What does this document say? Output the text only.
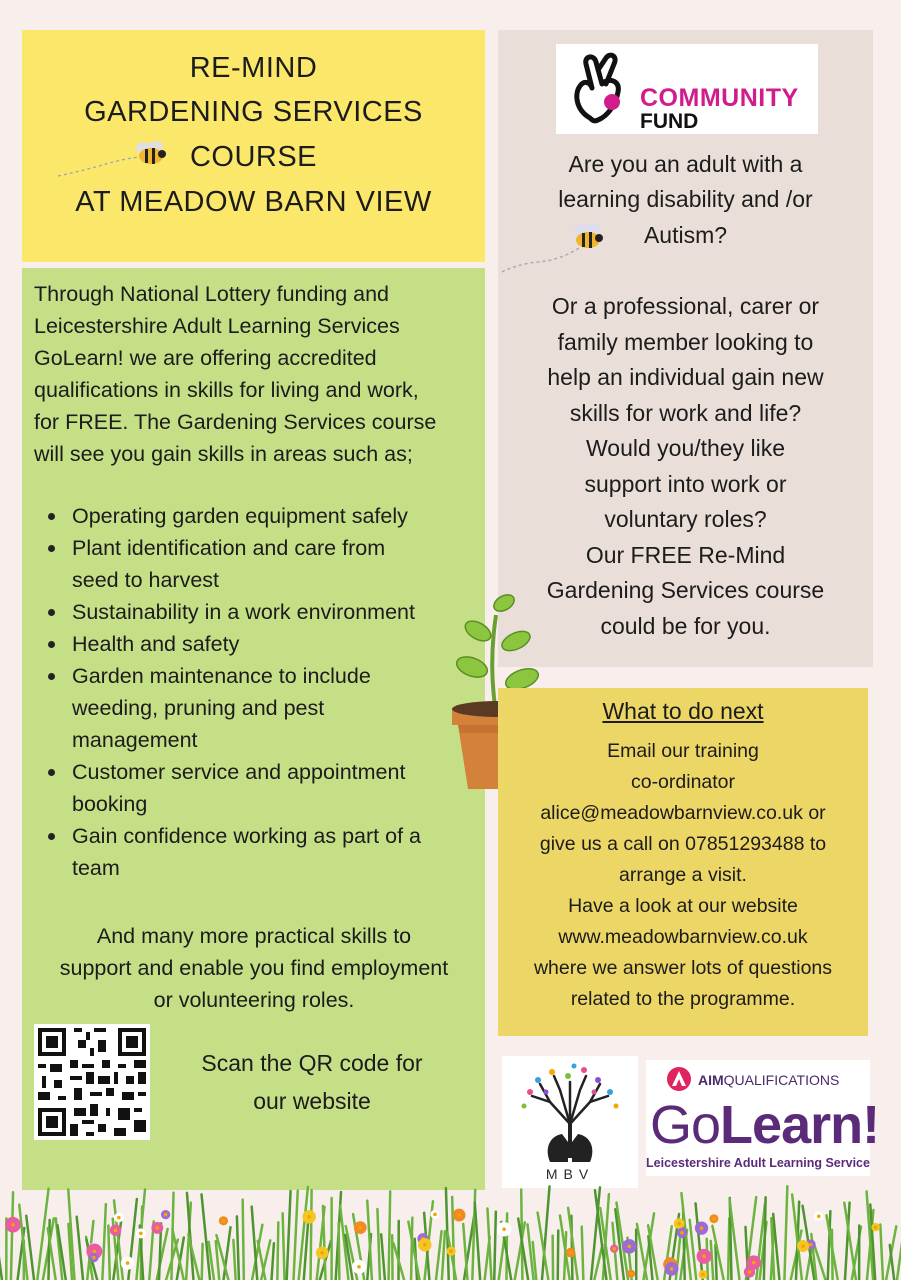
RE-MIND
GARDENING SERVICES
COURSE
AT MEADOW BARN VIEW
Through National Lottery funding and
Leicestershire Adult Learning Services
GoLearn! we are offering accredited
qualifications in skills for living and work,
for FREE. The Gardening Services course
will see you gain skills in areas such as;
Operating garden equipment safely
Plant identification and care from
seed to harvest
Sustainability in a work environment
Health and safety
Garden maintenance to include
weeding, pruning and pest
management
Customer service and appointment
booking
Gain confidence working as part of a
team
And many more practical skills to
support and enable you find employment
or volunteering roles.
Scan the QR code for
our website
COMMUNITY
FUND
Are you an adult with a
learning disability and /or
Autism?
Or a professional, carer or
family member looking to
help an individual gain new
skills for work and life?
Would you/they like
support into work or
voluntary roles?
Our FREE Re-Mind
Gardening Services course
could be for you.
What to do next
Email our training
co-ordinator
alice@meadowbarnview.co.uk or
give us a call on 07851293488 to
arrange a visit.
Have a look at our website
www.meadowbarnview.co.uk
where we answer lots of questions
related to the programme.
MBV
AIMQUALIFICATIONS
GoLearn!
Leicestershire Adult Learning Service
